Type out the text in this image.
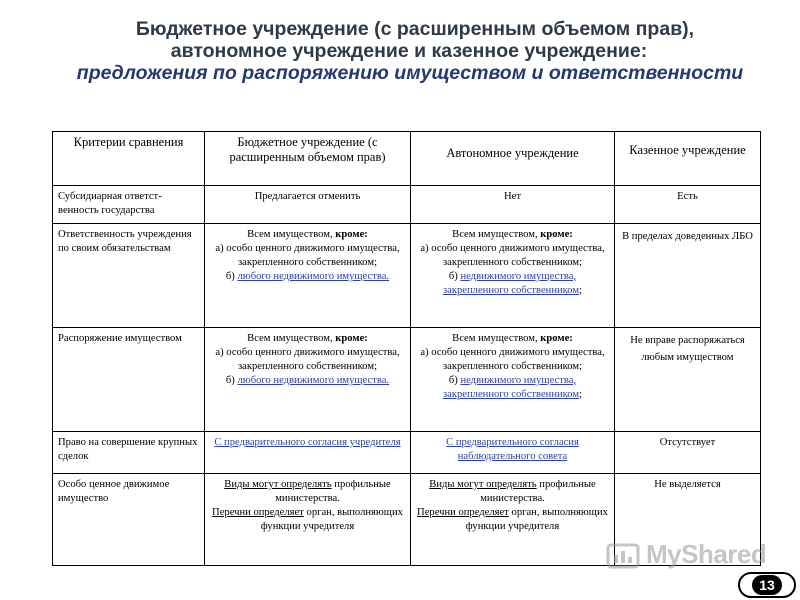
Бюджетное учреждение (с расширенным объемом прав),
автономное учреждение и казенное учреждение:
предложения по распоряжению имуществом и ответственности
Критерии сравнения	Бюджетное учреждение (с расширенным объемом прав)	Автономное учреждение	Казенное учреждение
Субсидиарная ответст-венность государства	Предлагается отменить	Нет	Есть
Ответственность учреждения по своим обязательствам	Всем имуществом, кроме:
а) особо ценного движимого имущества, закрепленного собственником;
б) любого недвижимого имущества.	Всем имуществом, кроме:
а) особо ценного движимого имущества, закрепленного собственником;
б) недвижимого имущества, закрепленного собственником;	В пределах доведенных ЛБО
Распоряжение имуществом	Всем имуществом, кроме:
а) особо ценного движимого имущества, закрепленного собственником;
б) любого недвижимого имущества.	Всем имуществом, кроме:
а) особо ценного движимого имущества, закрепленного собственником;
б) недвижимого имущества, закрепленного собственником;	Не вправе распоряжаться любым имуществом
Право на совершение крупных сделок	С предварительного согласия учредителя	С предварительного согласия наблюдательного совета	Отсутствует
Особо ценное движимое имущество	Виды могут определять профильные министерства.
Перечни определяет орган, выполняющих функции учредителя	Виды могут определять профильные министерства.
Перечни определяет орган, выполняющих функции учредителя	Не выделяется
MyShared
13
